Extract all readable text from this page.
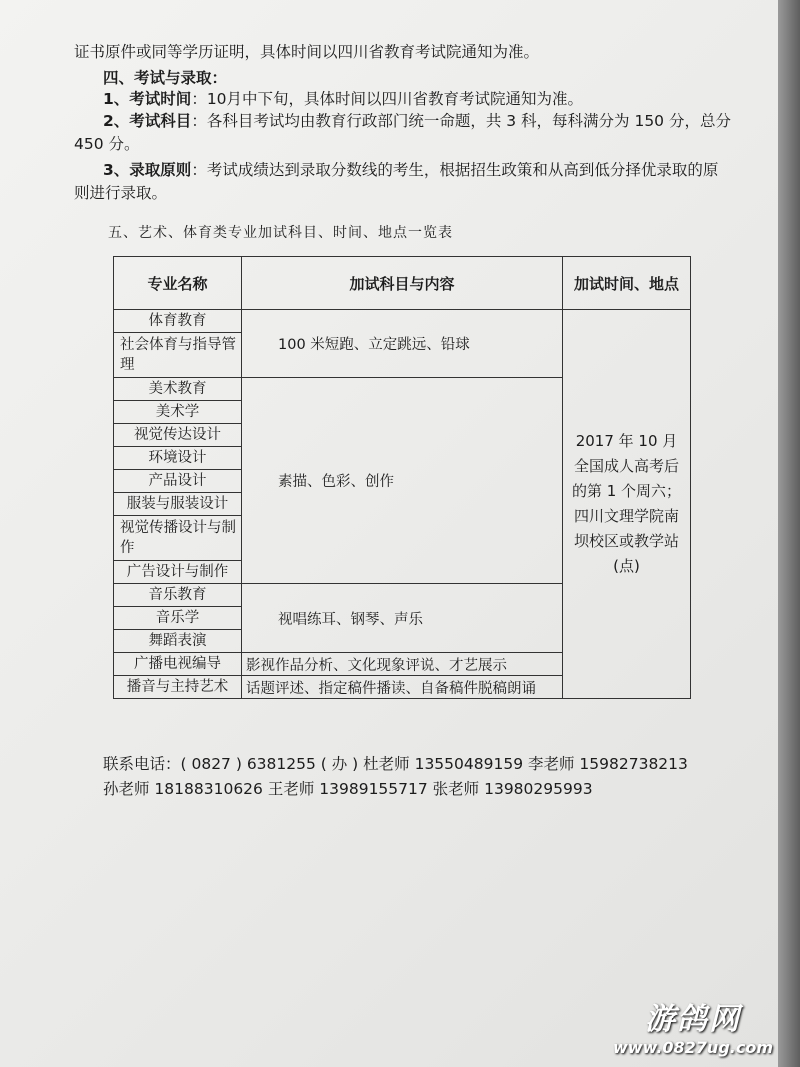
证书原件或同等学历证明，具体时间以四川省教育考试院通知为准。
四、考试与录取：
1、考试时间：10月中下旬，具体时间以四川省教育考试院通知为准。
2、考试科目：各科目考试均由教育行政部门统一命题，共 3 科，每科满分为 150 分，总分
450 分。
3、录取原则：考试成绩达到录取分数线的考生，根据招生政策和从高到低分择优录取的原
则进行录取。
五、艺术、体育类专业加试科目、时间、地点一览表
专业名称	加试科目与内容	加试时间、地点
体育教育	100 米短跑、立定跳远、铅球	2017 年 10 月全国成人高考后的第 1 个周六；四川文理学院南坝校区或教学站(点)
社会体育与指导管理		
美术教育	素描、色彩、创作	
美术学		
视觉传达设计		
环境设计		
产品设计		
服装与服装设计		
视觉传播设计与制作		
广告设计与制作		
音乐教育	视唱练耳、钢琴、声乐	
音乐学		
舞蹈表演		
广播电视编导	影视作品分析、文化现象评说、才艺展示	
播音与主持艺术	话题评述、指定稿件播读、自备稿件脱稿朗诵	
联系电话：( 0827 ) 6381255 ( 办 ) 杜老师 13550489159 李老师 15982738213
孙老师 18188310626 王老师 13989155717 张老师 13980295993
游鸽网
www.0827ug.com
